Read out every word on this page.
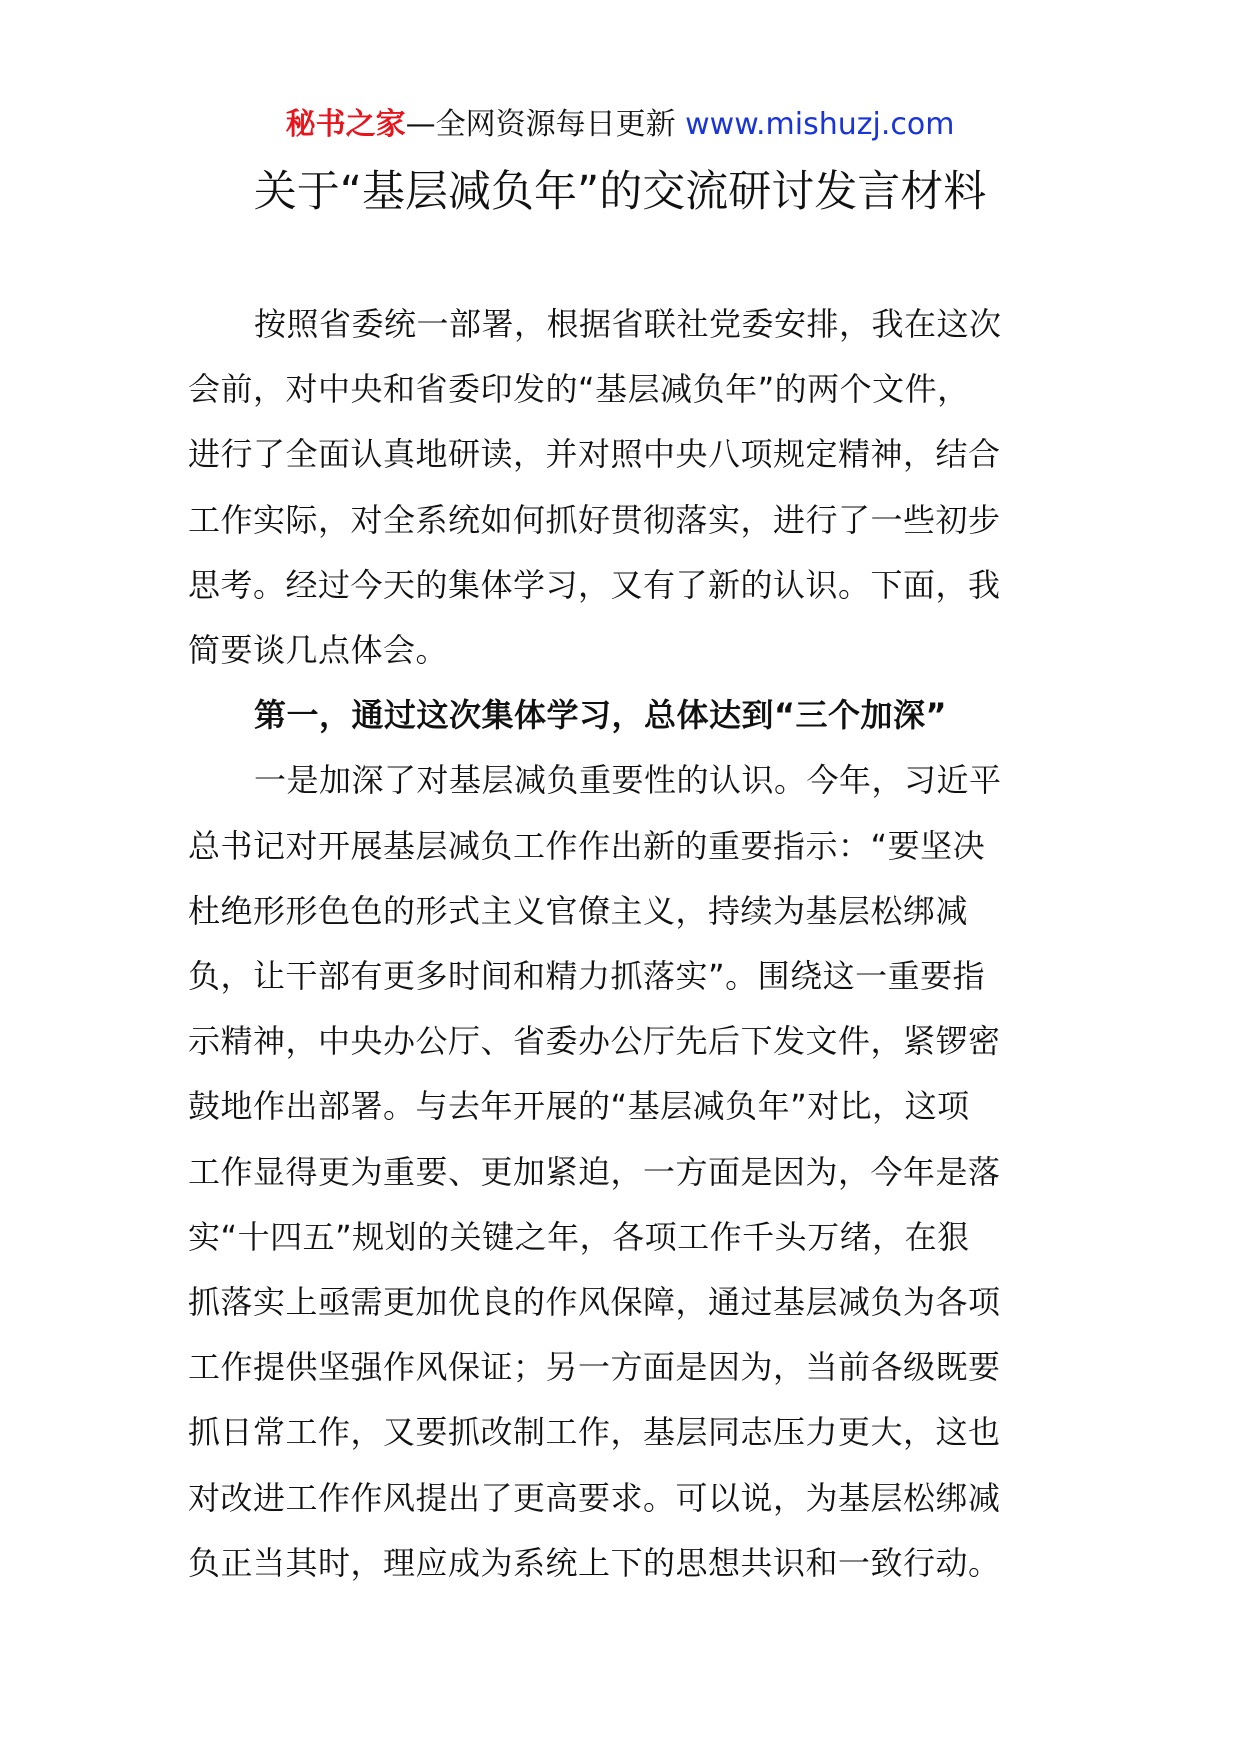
秘书之家—全网资源每日更新 www.mishuzj.com
关于“基层减负年”的交流研讨发言材料

按照省委统一部署，根据省联社党委安排，我在这次
会前，对中央和省委印发的“基层减负年”的两个文件，
进行了全面认真地研读，并对照中央八项规定精神，结合
工作实际，对全系统如何抓好贯彻落实，进行了一些初步
思考。经过今天的集体学习，又有了新的认识。下面，我
简要谈几点体会。

第一，通过这次集体学习，总体达到“三个加深”

一是加深了对基层减负重要性的认识。今年，习近平
总书记对开展基层减负工作作出新的重要指示：“要坚决
杜绝形形色色的形式主义官僚主义，持续为基层松绑减
负，让干部有更多时间和精力抓落实”。围绕这一重要指
示精神，中央办公厅、省委办公厅先后下发文件，紧锣密
鼓地作出部署。与去年开展的“基层减负年”对比，这项
工作显得更为重要、更加紧迫，一方面是因为，今年是落
实“十四五”规划的关键之年，各项工作千头万绪，在狠
抓落实上亟需更加优良的作风保障，通过基层减负为各项
工作提供坚强作风保证；另一方面是因为，当前各级既要
抓日常工作，又要抓改制工作，基层同志压力更大，这也
对改进工作作风提出了更高要求。可以说，为基层松绑减
负正当其时，理应成为系统上下的思想共识和一致行动。
